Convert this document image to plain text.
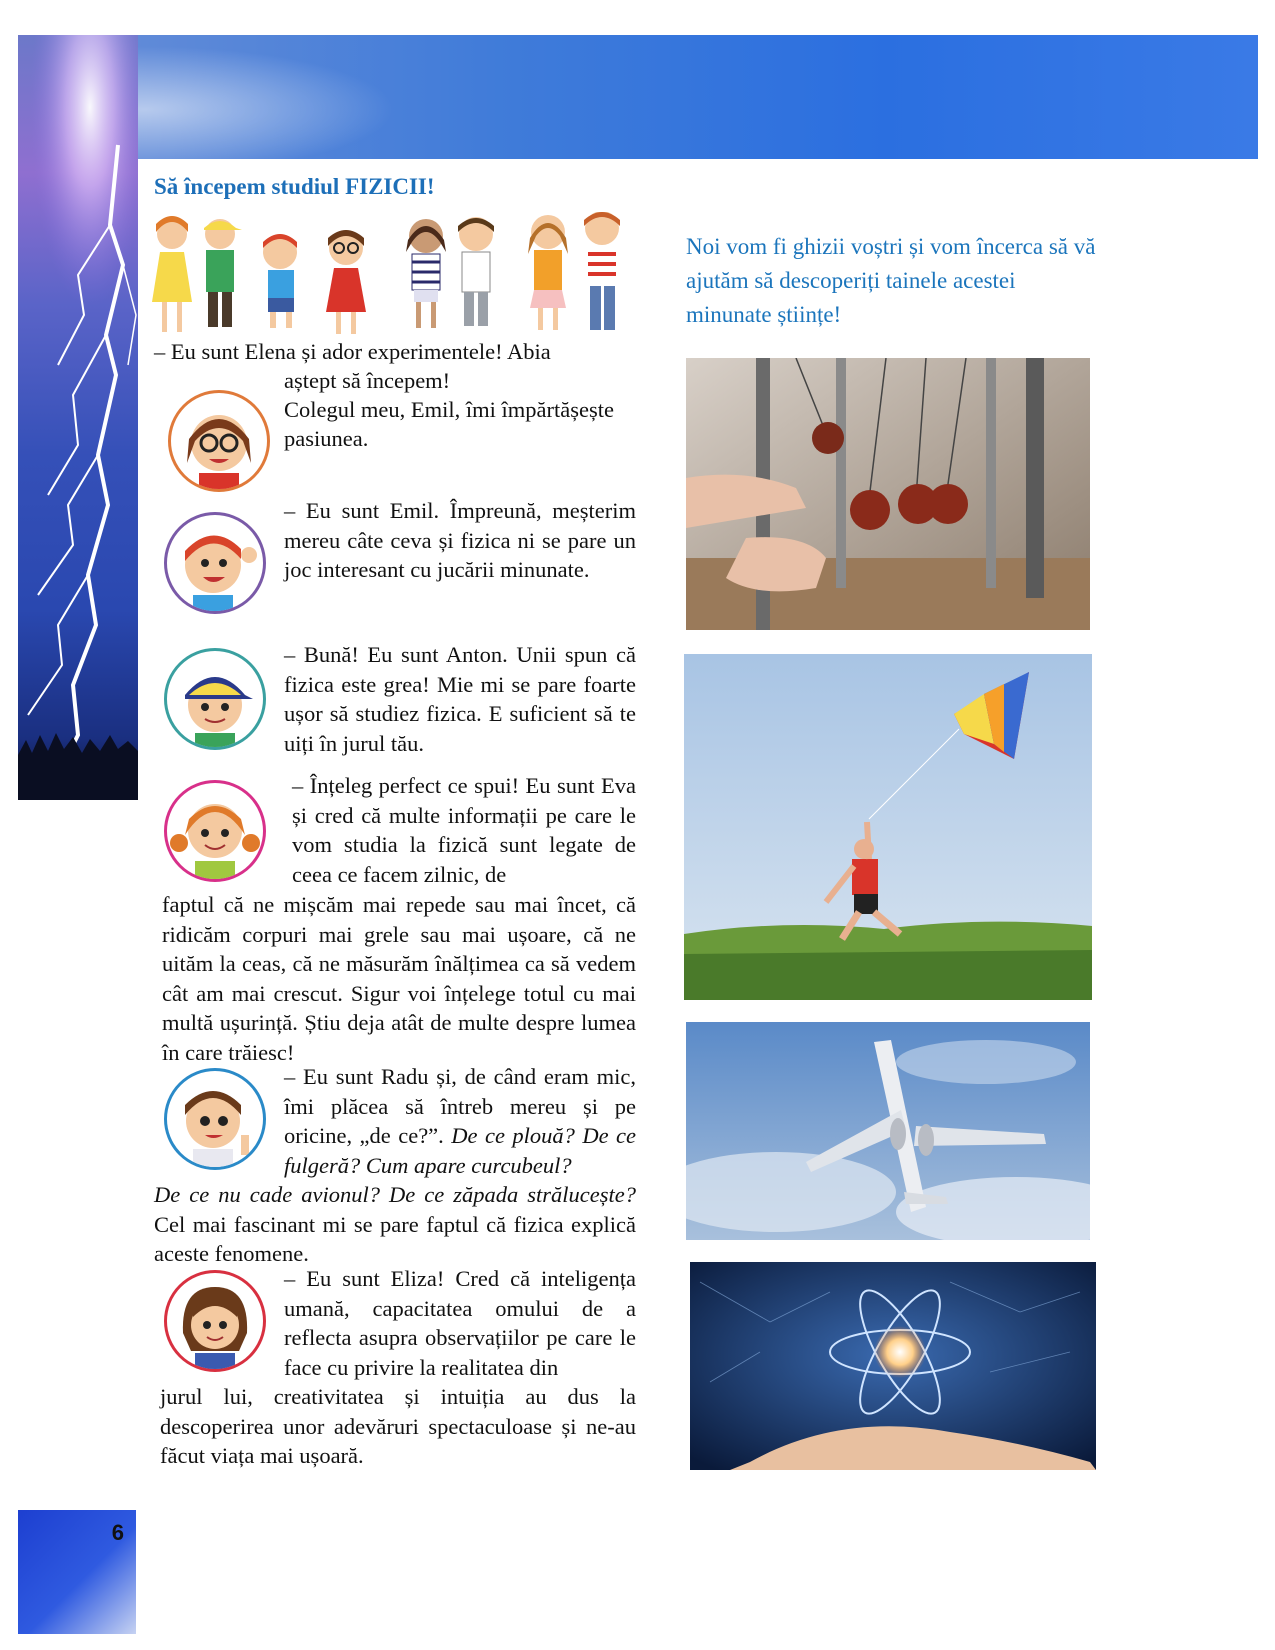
6
Să începem studiul FIZICII!
Noi vom fi ghizii voștri și vom încerca să vă ajutăm să descoperiți tainele acestei minunate științe!
– Eu sunt Elena și ador experimentele! Abia
aștept să începem!
Colegul meu, Emil, îmi împărtășește
pasiunea.
– Eu sunt Emil. Împreună, meșterim mereu câte ceva și fizica ni se pare un joc interesant cu jucării minunate.
– Bună! Eu sunt Anton. Unii spun că fizica este grea! Mie mi se pare foarte ușor să studiez fizica. E suficient să te uiți în jurul tău.
– Înțeleg perfect ce spui! Eu sunt Eva și cred că multe informații pe care le vom studia la fizică sunt legate de ceea ce facem zilnic, de
faptul că ne mișcăm mai repede sau mai încet, că ridicăm corpuri mai grele sau mai ușoare, că ne uităm la ceas, că ne măsurăm înălțimea ca să vedem cât am mai crescut. Sigur voi înțelege totul cu mai multă ușurință. Știu deja atât de multe despre lumea în care trăiesc!
– Eu sunt Radu și, de când eram mic, îmi plăcea să întreb mereu și pe oricine, „de ce?”. De ce plouă? De ce fulgeră? Cum apare curcubeul?
De ce nu cade avionul? De ce zăpada strălucește? Cel mai fascinant mi se pare faptul că fizica explică aceste fenomene.
– Eu sunt Eliza! Cred că inteligența umană, capacitatea omului de a reflecta asupra observațiilor pe care le face cu privire la realitatea din
jurul lui, creativitatea și intuiția au dus la descoperirea unor adevăruri spectaculoase și ne-au făcut viața mai ușoară.
